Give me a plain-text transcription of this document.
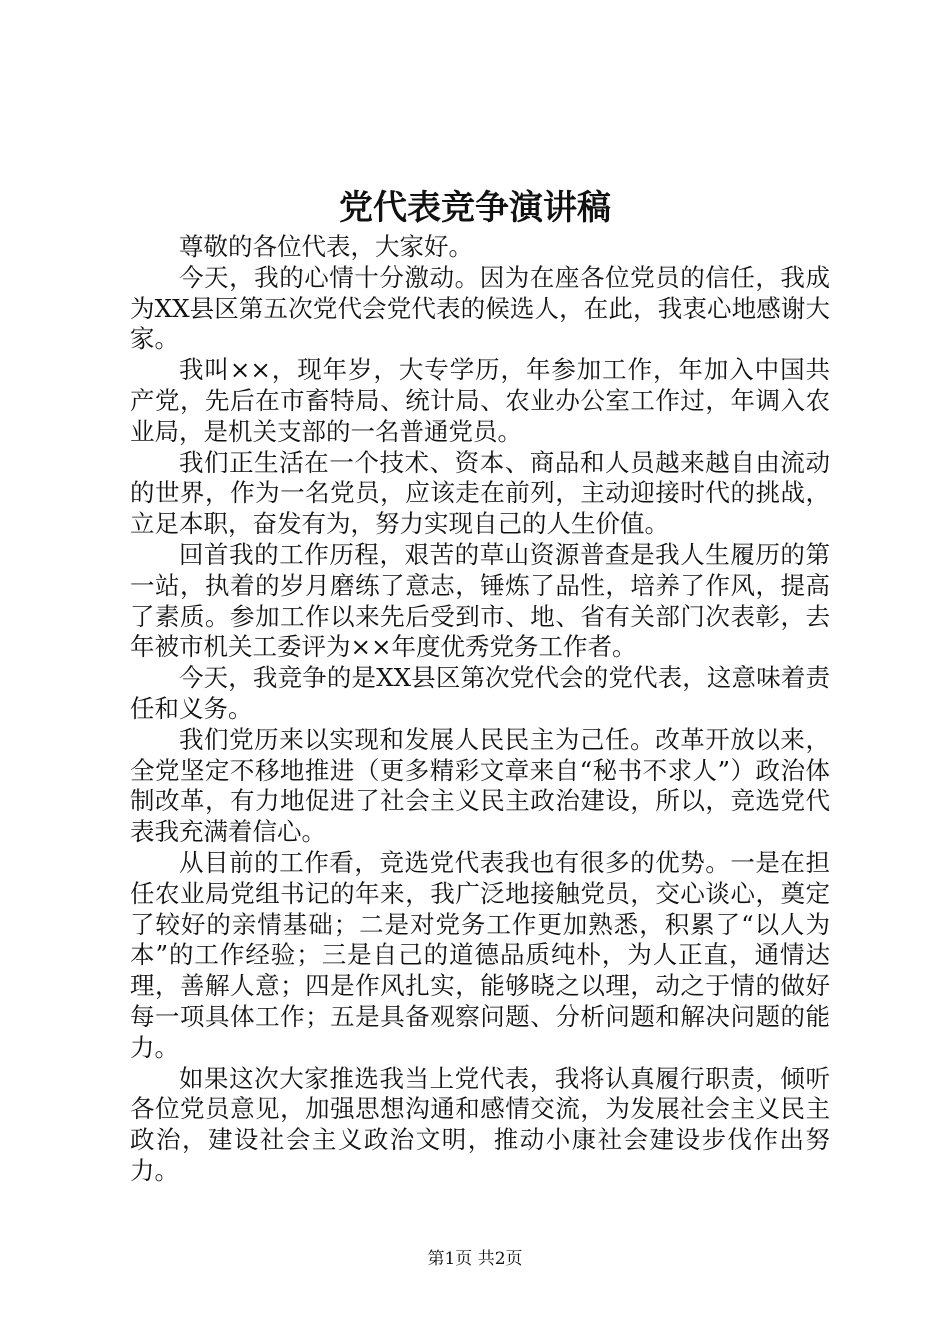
党代表竞争演讲稿

尊敬的各位代表，大家好。

今天，我的心情十分激动。因为在座各位党员的信任，我成为XX县区第五次党代会党代表的候选人，在此，我衷心地感谢大家。

我叫××，现年岁，大专学历，年参加工作，年加入中国共产党，先后在市畜特局、统计局、农业办公室工作过，年调入农业局，是机关支部的一名普通党员。

我们正生活在一个技术、资本、商品和人员越来越自由流动的世界，作为一名党员，应该走在前列，主动迎接时代的挑战，立足本职，奋发有为，努力实现自己的人生价值。

回首我的工作历程，艰苦的草山资源普查是我人生履历的第一站，执着的岁月磨练了意志，锤炼了品性，培养了作风，提高了素质。参加工作以来先后受到市、地、省有关部门次表彰，去年被市机关工委评为××年度优秀党务工作者。

今天，我竞争的是XX县区第次党代会的党代表，这意味着责任和义务。

我们党历来以实现和发展人民民主为己任。改革开放以来，全党坚定不移地推进（更多精彩文章来自“秘书不求人”）政治体制改革，有力地促进了社会主义民主政治建设，所以，竞选党代表我充满着信心。

从目前的工作看，竞选党代表我也有很多的优势。一是在担任农业局党组书记的年来，我广泛地接触党员，交心谈心，奠定了较好的亲情基础；二是对党务工作更加熟悉，积累了“以人为本”的工作经验；三是自己的道德品质纯朴，为人正直，通情达理，善解人意；四是作风扎实，能够晓之以理，动之于情的做好每一项具体工作；五是具备观察问题、分析问题和解决问题的能力。

如果这次大家推选我当上党代表，我将认真履行职责，倾听各位党员意见，加强思想沟通和感情交流，为发展社会主义民主政治，建设社会主义政治文明，推动小康社会建设步伐作出努力。

第1页 共2页
